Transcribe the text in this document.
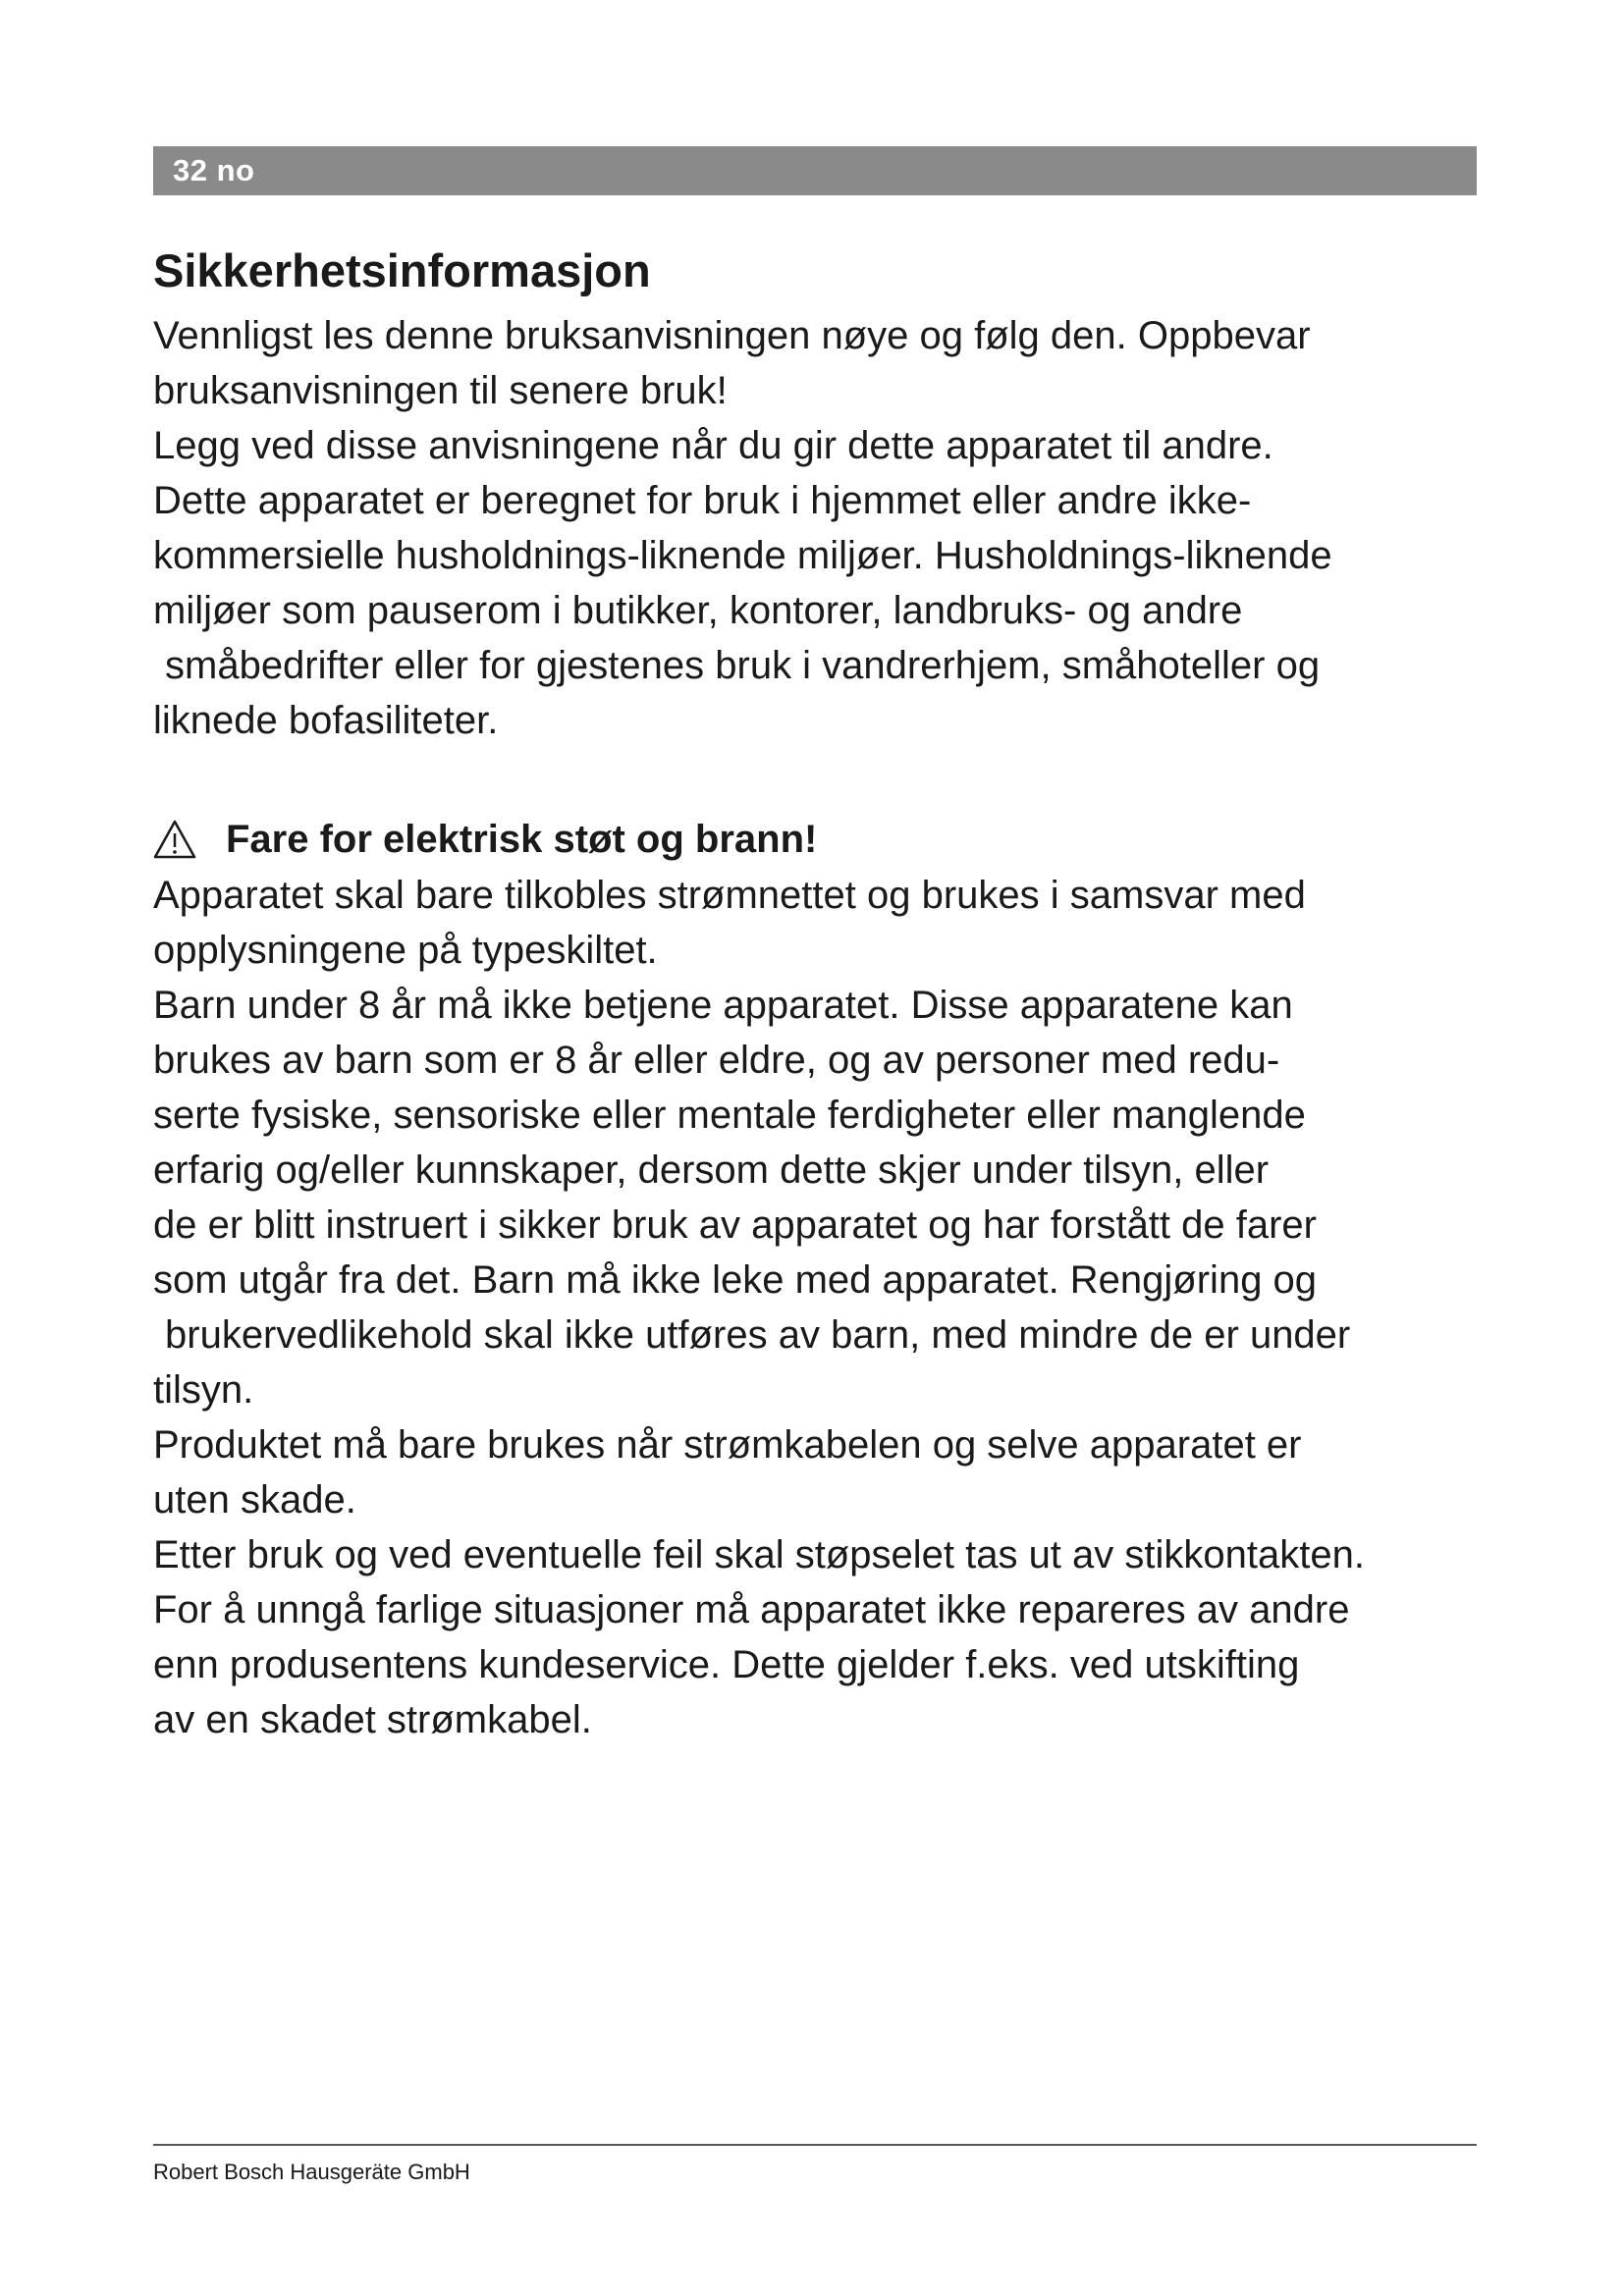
32 no
Sikkerhetsinformasjon

Vennligst les denne bruksanvisningen nøye og følg den. Oppbevar

bruksanvisningen til senere bruk!

Legg ved disse anvisningene når du gir dette apparatet til andre.

Dette apparatet er beregnet for bruk i hjemmet eller andre ikke-

kommersielle husholdnings-liknende miljøer. Husholdnings-liknende

miljøer som pauserom i butikker, kontorer, landbruks- og andre

småbedrifter eller for gjestenes bruk i vandrerhjem, småhoteller og

liknede bofasiliteter.

Fare for elektrisk støt og brann!

Apparatet skal bare tilkobles strømnettet og brukes i samsvar med

opplysningene på typeskiltet.

Barn under 8 år må ikke betjene apparatet. Disse apparatene kan

brukes av barn som er 8 år eller eldre, og av personer med redu-

serte fysiske, sensoriske eller mentale ferdigheter eller manglende

erfarig og/eller kunnskaper, dersom dette skjer under tilsyn, eller

de er blitt instruert i sikker bruk av apparatet og har forstått de farer

som utgår fra det. Barn må ikke leke med apparatet. Rengjøring og

brukervedlikehold skal ikke utføres av barn, med mindre de er under

tilsyn.

Produktet må bare brukes når strømkabelen og selve apparatet er

uten skade.

Etter bruk og ved eventuelle feil skal støpselet tas ut av stikkontakten.

For å unngå farlige situasjoner må apparatet ikke repareres av andre

enn produsentens kundeservice. Dette gjelder f.eks. ved utskifting

av en skadet strømkabel.

Robert Bosch Hausgeräte GmbH
